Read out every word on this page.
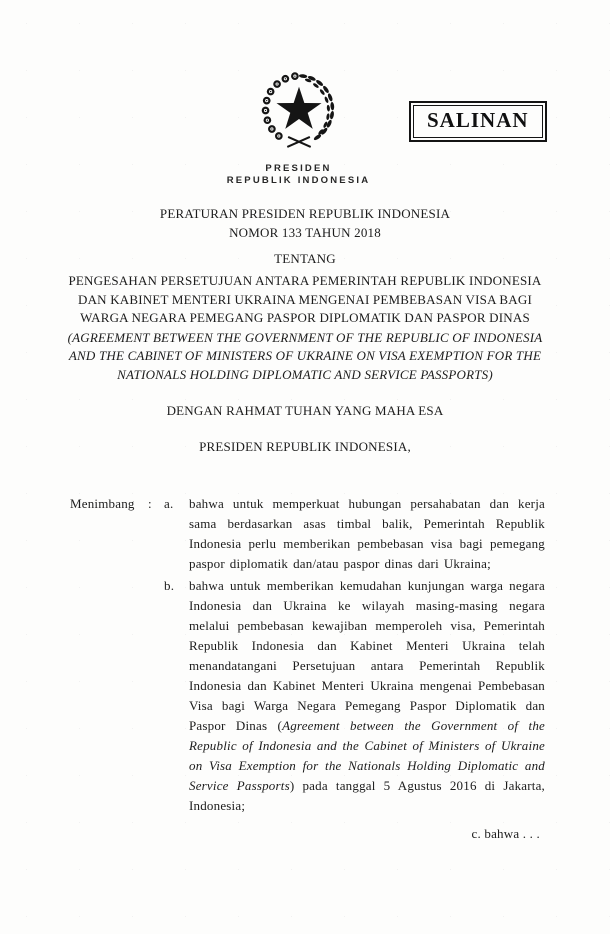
SALINAN
PRESIDEN
REPUBLIK INDONESIA
PERATURAN PRESIDEN REPUBLIK INDONESIA
NOMOR 133 TAHUN 2018
TENTANG
PENGESAHAN PERSETUJUAN ANTARA PEMERINTAH REPUBLIK INDONESIA DAN KABINET MENTERI UKRAINA MENGENAI PEMBEBASAN VISA BAGI WARGA NEGARA PEMEGANG PASPOR DIPLOMATIK DAN PASPOR DINAS
(AGREEMENT BETWEEN THE GOVERNMENT OF THE REPUBLIC OF INDONESIA AND THE CABINET OF MINISTERS OF UKRAINE ON VISA EXEMPTION FOR THE NATIONALS HOLDING DIPLOMATIC AND SERVICE PASSPORTS)
DENGAN RAHMAT TUHAN YANG MAHA ESA
PRESIDEN REPUBLIK INDONESIA,
Menimbang	: a.	bahwa untuk memperkuat hubungan persahabatan dan kerja sama berdasarkan asas timbal balik, Pemerintah Republik Indonesia perlu memberikan pembebasan visa bagi pemegang paspor diplomatik dan/atau paspor dinas dari Ukraina;
b.	bahwa untuk memberikan kemudahan kunjungan warga negara Indonesia dan Ukraina ke wilayah masing-masing negara melalui pembebasan kewajiban memperoleh visa, Pemerintah Republik Indonesia dan Kabinet Menteri Ukraina telah menandatangani Persetujuan antara Pemerintah Republik Indonesia dan Kabinet Menteri Ukraina mengenai Pembebasan Visa bagi Warga Negara Pemegang Paspor Diplomatik dan Paspor Dinas (Agreement between the Government of the Republic of Indonesia and the Cabinet of Ministers of Ukraine on Visa Exemption for the Nationals Holding Diplomatic and Service Passports) pada tanggal 5 Agustus 2016 di Jakarta, Indonesia;
c. bahwa . . .
